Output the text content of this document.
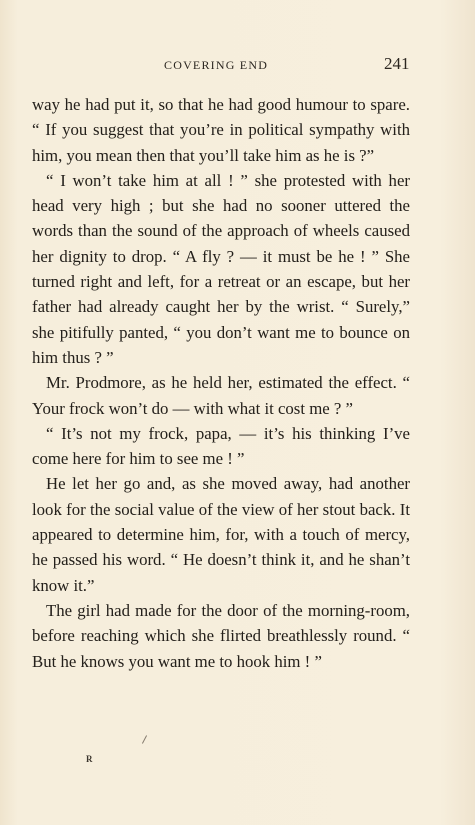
COVERING END	241

way he had put it, so that he had good humour to spare. “ If you suggest that you’re in political sympathy with him, you mean then that you’ll take him as he is ?”

“ I won’t take him at all ! ” she protested with her head very high ; but she had no sooner uttered the words than the sound of the approach of wheels caused her dignity to drop. “ A fly ? — it must be he ! ” She turned right and left, for a retreat or an escape, but her father had already caught her by the wrist. “ Surely,” she pitifully panted, “ you don’t want me to bounce on him thus ? ”

Mr. Prodmore, as he held her, estimated the effect. “ Your frock won’t do — with what it cost me ? ”

“ It’s not my frock, papa, — it’s his thinking I’ve come here for him to see me ! ”

He let her go and, as she moved away, had another look for the social value of the view of her stout back. It appeared to determine him, for, with a touch of mercy, he passed his word. “ He doesn’t think it, and he shan’t know it.”

The girl had made for the door of the morning-room, before reaching which she flirted breathlessly round. “ But he knows you want me to hook him ! ”

R
